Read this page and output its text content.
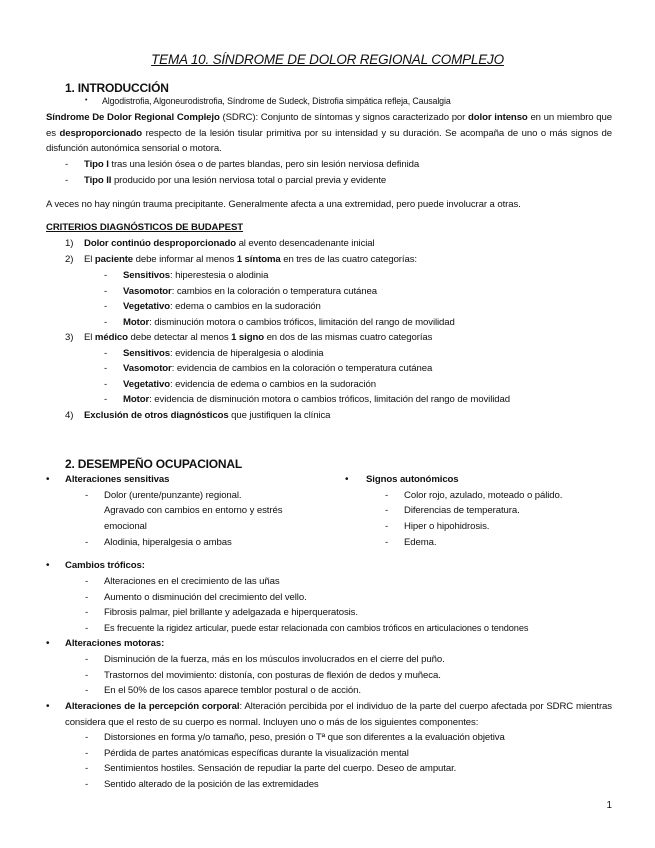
TEMA 10. SÍNDROME DE DOLOR REGIONAL COMPLEJO
1. INTRODUCCIÓN
• Algodistrofia, Algoneurodistrofia, Síndrome de Sudeck, Distrofia simpática refleja, Causalgia
Síndrome De Dolor Regional Complejo (SDRC): Conjunto de síntomas y signos caracterizado por dolor intenso en un miembro que es desproporcionado respecto de la lesión tisular primitiva por su intensidad y su duración. Se acompaña de uno o más signos de disfunción autonómica sensorial o motora.
- Tipo I tras una lesión ósea o de partes blandas, pero sin lesión nerviosa definida
- Tipo II producido por una lesión nerviosa total o parcial previa y evidente
A veces no hay ningún trauma precipitante. Generalmente afecta a una extremidad, pero puede involucrar a otras.
CRITERIOS DIAGNÓSTICOS DE BUDAPEST
1) Dolor continúo desproporcionado al evento desencadenante inicial
2) El paciente debe informar al menos 1 síntoma en tres de las cuatro categorías:
- Sensitivos: hiperestesia o alodinia
- Vasomotor: cambios en la coloración o temperatura cutánea
- Vegetativo: edema o cambios en la sudoración
- Motor: disminución motora o cambios tróficos, limitación del rango de movilidad
3) El médico debe detectar al menos 1 signo en dos de las mismas cuatro categorías
- Sensitivos: evidencia de hiperalgesia o alodinia
- Vasomotor: evidencia de cambios en la coloración o temperatura cutánea
- Vegetativo: evidencia de edema o cambios en la sudoración
- Motor: evidencia de disminución motora o cambios tróficos, limitación del rango de movilidad
4) Exclusión de otros diagnósticos que justifiquen la clínica
2. DESEMPEÑO OCUPACIONAL
• Alteraciones sensitivas
- Dolor (urente/punzante) regional.
Agravado con cambios en entorno y estrés
emocional
- Alodinia, hiperalgesia o ambas
• Signos autonómicos
- Color rojo, azulado, moteado o pálido.
- Diferencias de temperatura.
- Hiper o hipohidrosis.
- Edema.
• Cambios tróficos:
- Alteraciones en el crecimiento de las uñas
- Aumento o disminución del crecimiento del vello.
- Fibrosis palmar, piel brillante y adelgazada e hiperqueratosis.
- Es frecuente la rigidez articular, puede estar relacionada con cambios tróficos en articulaciones o tendones
• Alteraciones motoras:
- Disminución de la fuerza, más en los músculos involucrados en el cierre del puño.
- Trastornos del movimiento: distonía, con posturas de flexión de dedos y muñeca.
- En el 50% de los casos aparece temblor postural o de acción.
• Alteraciones de la percepción corporal: Alteración percibida por el individuo de la parte del cuerpo afectada por SDRC mientras considera que el resto de su cuerpo es normal. Incluyen uno o más de los siguientes componentes:
- Distorsiones en forma y/o tamaño, peso, presión o Tª que son diferentes a la evaluación objetiva
- Pérdida de partes anatómicas específicas durante la visualización mental
- Sentimientos hostiles. Sensación de repudiar la parte del cuerpo. Deseo de amputar.
- Sentido alterado de la posición de las extremidades
1
